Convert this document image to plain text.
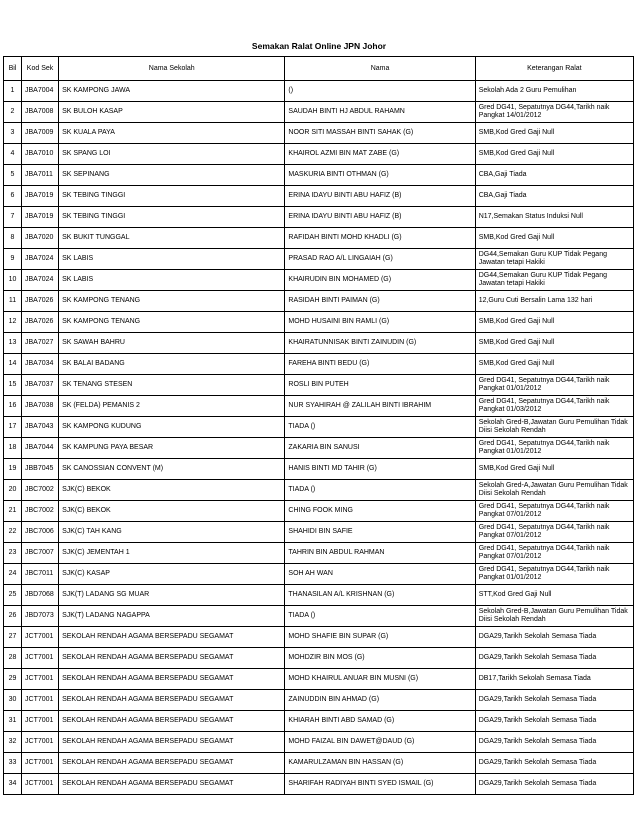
Semakan Ralat Online JPN Johor
Bil	Kod Sek	Nama Sekolah	Nama	Keterangan Ralat
1	JBA7004	SK KAMPONG JAWA	()	Sekolah Ada 2 Guru Pemulihan
2	JBA7008	SK BULOH KASAP	SAUDAH BINTI HJ ABDUL RAHAMN	Gred DG41, Sepatutnya DG44,Tarikh naik Pangkat 14/01/2012
3	JBA7009	SK KUALA PAYA	NOOR SITI MASSAH BINTI SAHAK (G)	SMB,Kod Gred Gaji Null
4	JBA7010	SK SPANG LOI	KHAIROL AZMI BIN MAT ZABE (G)	SMB,Kod Gred Gaji Null
5	JBA7011	SK SEPINANG	MASKURIA BINTI OTHMAN (G)	CBA,Gaji Tiada
6	JBA7019	SK TEBING TINGGI	ERINA IDAYU BINTI ABU HAFIZ (B)	CBA,Gaji Tiada
7	JBA7019	SK TEBING TINGGI	ERINA IDAYU BINTI ABU HAFIZ (B)	N17,Semakan Status Induksi Null
8	JBA7020	SK BUKIT TUNGGAL	RAFIDAH BINTI MOHD KHADLI (G)	SMB,Kod Gred Gaji Null
9	JBA7024	SK LABIS	PRASAD RAO A/L LINGAIAH (G)	DG44,Semakan Guru KUP Tidak Pegang Jawatan tetapi Hakiki
10	JBA7024	SK LABIS	KHAIRUDIN BIN MOHAMED (G)	DG44,Semakan Guru KUP Tidak Pegang Jawatan tetapi Hakiki
11	JBA7026	SK KAMPONG TENANG	RASIDAH BINTI PAIMAN (G)	12,Guru Cuti Bersalin Lama 132 hari
12	JBA7026	SK KAMPONG TENANG	MOHD HUSAINI BIN RAMLI (G)	SMB,Kod Gred Gaji Null
13	JBA7027	SK SAWAH BAHRU	KHAIRATUNNISAK BINTI ZAINUDIN (G)	SMB,Kod Gred Gaji Null
14	JBA7034	SK BALAI BADANG	FAREHA BINTI BEDU (G)	SMB,Kod Gred Gaji Null
15	JBA7037	SK TENANG STESEN	ROSLI BIN PUTEH	Gred DG41, Sepatutnya DG44,Tarikh naik Pangkat 01/01/2012
16	JBA7038	SK (FELDA) PEMANIS 2	NUR SYAHIRAH @ ZALILAH BINTI IBRAHIM	Gred DG41, Sepatutnya DG44,Tarikh naik Pangkat 01/03/2012
17	JBA7043	SK KAMPONG KUDUNG	TIADA ()	Sekolah Gred-B,Jawatan Guru Pemulihan Tidak Diisi Sekolah Rendah
18	JBA7044	SK KAMPUNG PAYA BESAR	ZAKARIA BIN SANUSI	Gred DG41, Sepatutnya DG44,Tarikh naik Pangkat 01/01/2012
19	JBB7045	SK CANOSSIAN CONVENT (M)	HANIS BINTI MD TAHIR (G)	SMB,Kod Gred Gaji Null
20	JBC7002	SJK(C) BEKOK	TIADA ()	Sekolah Gred-A,Jawatan Guru Pemulihan Tidak Diisi Sekolah Rendah
21	JBC7002	SJK(C) BEKOK	CHING FOOK MING	Gred DG41, Sepatutnya DG44,Tarikh naik Pangkat 07/01/2012
22	JBC7006	SJK(C) TAH KANG	SHAHIDI BIN SAFIE	Gred DG41, Sepatutnya DG44,Tarikh naik Pangkat 07/01/2012
23	JBC7007	SJK(C) JEMENTAH 1	TAHRIN BIN ABDUL RAHMAN	Gred DG41, Sepatutnya DG44,Tarikh naik Pangkat 07/01/2012
24	JBC7011	SJK(C) KASAP	SOH AH WAN	Gred DG41, Sepatutnya DG44,Tarikh naik Pangkat 01/01/2012
25	JBD7068	SJK(T) LADANG SG MUAR	THANASILAN A/L KRISHNAN (G)	STT,Kod Gred Gaji Null
26	JBD7073	SJK(T) LADANG NAGAPPA	TIADA ()	Sekolah Gred-B,Jawatan Guru Pemulihan Tidak Diisi Sekolah Rendah
27	JCT7001	SEKOLAH RENDAH AGAMA BERSEPADU SEGAMAT	MOHD SHAFIE BIN SUPAR (G)	DGA29,Tarikh Sekolah Semasa Tiada
28	JCT7001	SEKOLAH RENDAH AGAMA BERSEPADU SEGAMAT	MOHDZIR BIN MOS (G)	DGA29,Tarikh Sekolah Semasa Tiada
29	JCT7001	SEKOLAH RENDAH AGAMA BERSEPADU SEGAMAT	MOHD KHAIRUL ANUAR BIN MUSNI (G)	DB17,Tarikh Sekolah Semasa Tiada
30	JCT7001	SEKOLAH RENDAH AGAMA BERSEPADU SEGAMAT	ZAINUDDIN BIN AHMAD (G)	DGA29,Tarikh Sekolah Semasa Tiada
31	JCT7001	SEKOLAH RENDAH AGAMA BERSEPADU SEGAMAT	KHIARAH BINTI ABD SAMAD (G)	DGA29,Tarikh Sekolah Semasa Tiada
32	JCT7001	SEKOLAH RENDAH AGAMA BERSEPADU SEGAMAT	MOHD FAIZAL BIN DAWET@DAUD (G)	DGA29,Tarikh Sekolah Semasa Tiada
33	JCT7001	SEKOLAH RENDAH AGAMA BERSEPADU SEGAMAT	KAMARULZAMAN BIN HASSAN (G)	DGA29,Tarikh Sekolah Semasa Tiada
34	JCT7001	SEKOLAH RENDAH AGAMA BERSEPADU SEGAMAT	SHARIFAH RADIYAH BINTI SYED ISMAIL (G)	DGA29,Tarikh Sekolah Semasa Tiada
